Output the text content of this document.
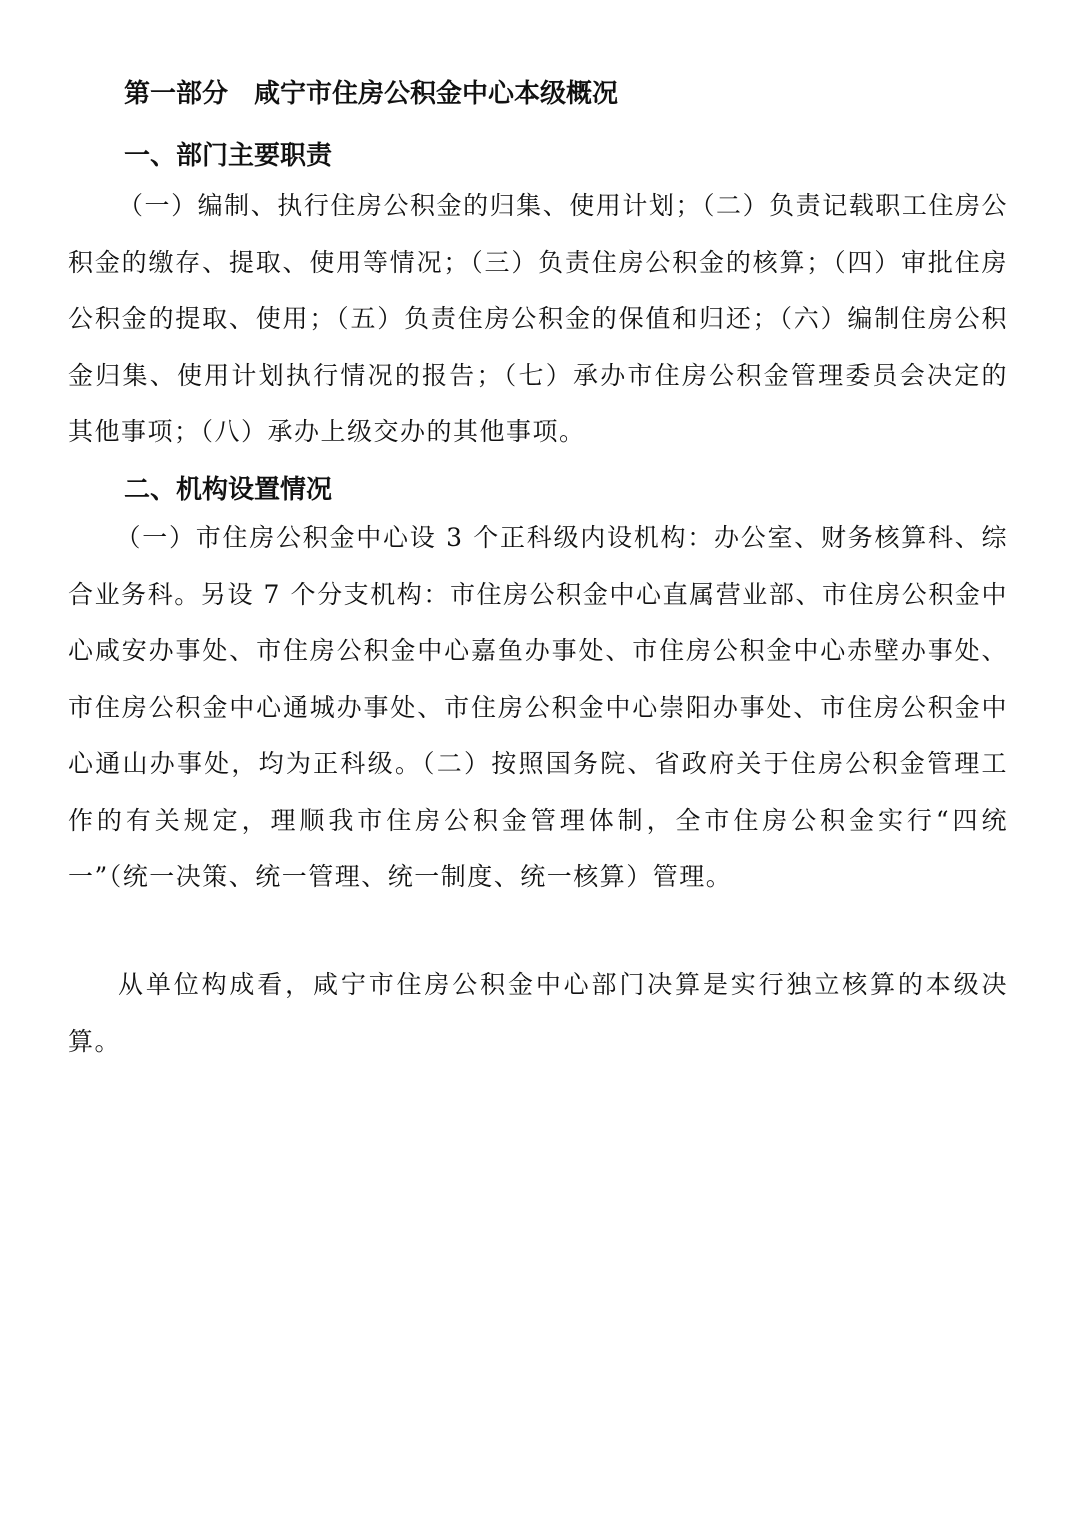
第一部分　咸宁市住房公积金中心本级概况
一、部门主要职责

（一）编制、执行住房公积金的归集、使用计划；（二）负责记载职工住房公积金的缴存、提取、使用等情况；（三）负责住房公积金的核算；（四）审批住房公积金的提取、使用；（五）负责住房公积金的保值和归还；（六）编制住房公积金归集、使用计划执行情况的报告；（七）承办市住房公积金管理委员会决定的其他事项；（八）承办上级交办的其他事项。

二、机构设置情况

（一）市住房公积金中心设 3 个正科级内设机构：办公室、财务核算科、综合业务科。另设 7 个分支机构：市住房公积金中心直属营业部、市住房公积金中心咸安办事处、市住房公积金中心嘉鱼办事处、市住房公积金中心赤壁办事处、市住房公积金中心通城办事处、市住房公积金中心崇阳办事处、市住房公积金中心通山办事处，均为正科级。（二）按照国务院、省政府关于住房公积金管理工作的有关规定，理顺我市住房公积金管理体制，全市住房公积金实行“四统一”（统一决策、统一管理、统一制度、统一核算）管理。

从单位构成看，咸宁市住房公积金中心部门决算是实行独立核算的本级决算。
